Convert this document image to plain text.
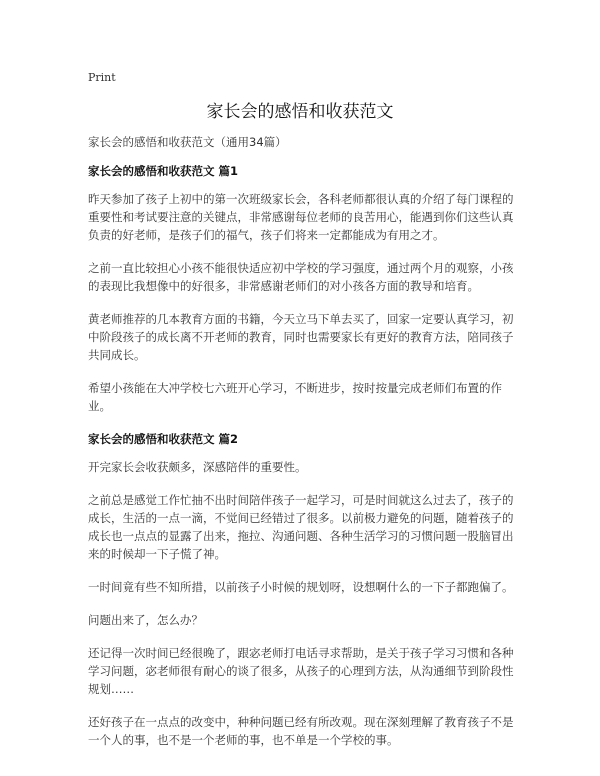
Print
家长会的感悟和收获范文

家长会的感悟和收获范文（通用34篇）

家长会的感悟和收获范文 篇1

昨天参加了孩子上初中的第一次班级家长会，各科老师都很认真的介绍了每门课程的重要性和考试要注意的关键点，非常感谢每位老师的良苦用心，能遇到你们这些认真负责的好老师，是孩子们的福气，孩子们将来一定都能成为有用之才。

之前一直比较担心小孩不能很快适应初中学校的学习强度，通过两个月的观察，小孩的表现比我想像中的好很多，非常感谢老师们的对小孩各方面的教导和培育。

黄老师推荐的几本教育方面的书籍，今天立马下单去买了，回家一定要认真学习，初中阶段孩子的成长离不开老师的教育，同时也需要家长有更好的教育方法，陪同孩子共同成长。

希望小孩能在大冲学校七六班开心学习，不断进步，按时按量完成老师们布置的作业。

家长会的感悟和收获范文 篇2

开完家长会收获颇多，深感陪伴的重要性。

之前总是感觉工作忙抽不出时间陪伴孩子一起学习，可是时间就这么过去了，孩子的成长，生活的一点一滴，不觉间已经错过了很多。以前极力避免的问题，随着孩子的成长也一点点的显露了出来，拖拉、沟通问题、各种生活学习的习惯问题一股脑冒出来的时候却一下子慌了神。

一时间竟有些不知所措，以前孩子小时候的规划呀，设想啊什么的一下子都跑偏了。

问题出来了，怎么办？

还记得一次时间已经很晚了，跟宓老师打电话寻求帮助，是关于孩子学习习惯和各种学习问题，宓老师很有耐心的谈了很多，从孩子的心理到方法，从沟通细节到阶段性规划……

还好孩子在一点点的改变中，种种问题已经有所改观。现在深刻理解了教育孩子不是一个人的事，也不是一个老师的事，也不单是一个学校的事。
